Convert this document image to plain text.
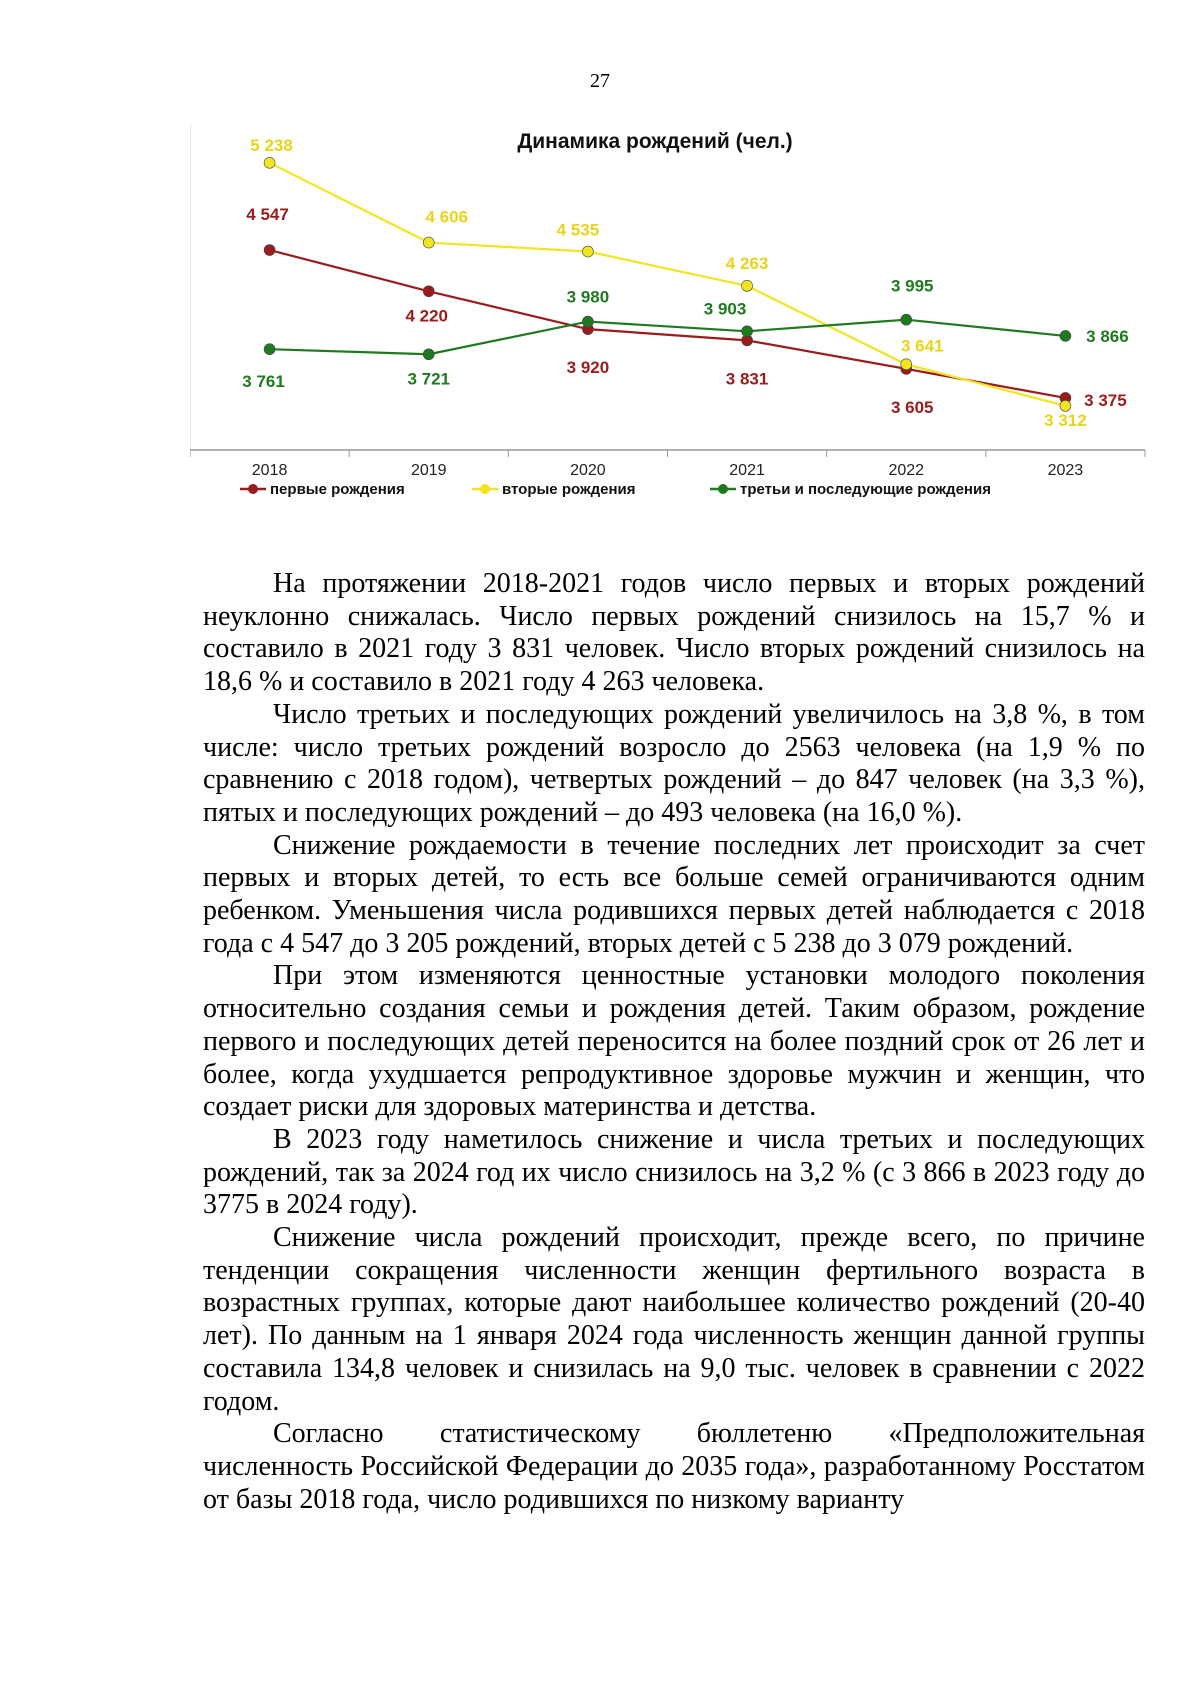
27
Динамика рождений (чел.)
2018	2019	2020	2021	2022	2023
4 547
4 220
3 920
3 831
3 605	3 375
5 238
4 606
4 535
4 263
3 641
3 312
3 761	3 721
3 980
3 903
3 995
3 866
первые рождения	вторые рождения	третьи и последующие рождения

На протяжении 2018-2021 годов число первых и вторых рождений неуклонно снижалась. Число первых рождений снизилось на 15,7 % и составило в 2021 году 3 831 человек. Число вторых рождений снизилось на 18,6 % и составило в 2021 году 4 263 человека.

Число третьих и последующих рождений увеличилось на 3,8 %, в том числе: число третьих рождений возросло до 2563 человека (на 1,9 % по сравнению с 2018 годом), четвертых рождений – до 847 человек (на 3,3 %), пятых и последующих рождений – до 493 человека (на 16,0 %).

Снижение рождаемости в течение последних лет происходит за счет первых и вторых детей, то есть все больше семей ограничиваются одним ребенком. Уменьшения числа родившихся первых детей наблюдается с 2018 года с 4 547 до 3 205 рождений, вторых детей с 5 238 до 3 079 рождений.

При этом изменяются ценностные установки молодого поколения относительно создания семьи и рождения детей. Таким образом, рождение первого и последующих детей переносится на более поздний срок от 26 лет и более, когда ухудшается репродуктивное здоровье мужчин и женщин, что создает риски для здоровых материнства и детства.

В 2023 году наметилось снижение и числа третьих и последующих рождений, так за 2024 год их число снизилось на 3,2 % (с 3 866 в 2023 году до 3775 в 2024 году).

Снижение числа рождений происходит, прежде всего, по причине тенденции сокращения численности женщин фертильного возраста в возрастных группах, которые дают наибольшее количество рождений (20-40 лет). По данным на 1 января 2024 года численность женщин данной группы составила 134,8 человек и снизилась на 9,0 тыс. человек в сравнении с 2022 годом.

Согласно статистическому бюллетеню «Предположительная численность Российской Федерации до 2035 года», разработанному Росстатом от базы 2018 года, число родившихся по низкому варианту
